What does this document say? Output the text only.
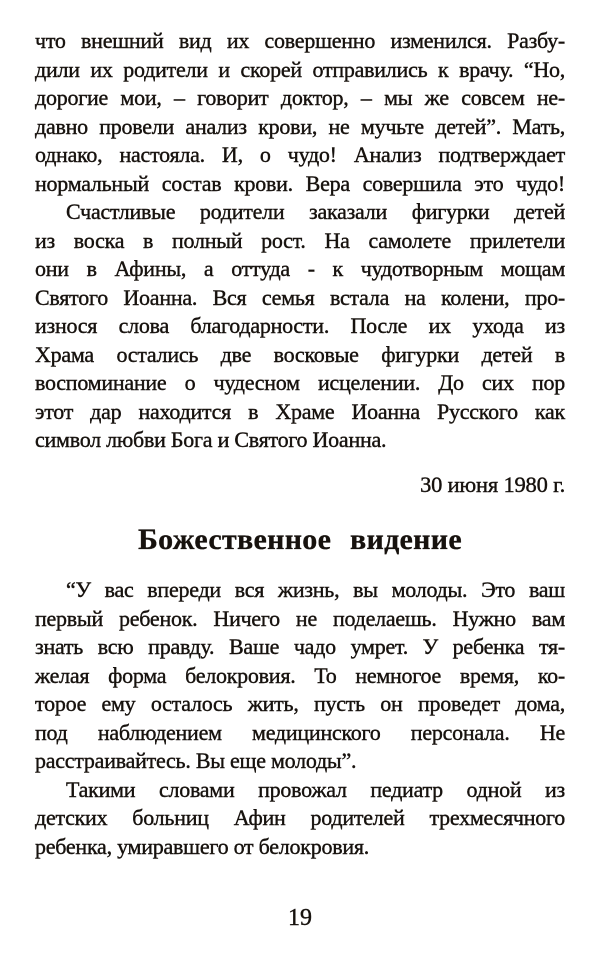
что внешний вид их совершенно изменился. Разбу-
дили их родители и скорей отправились к врачу. “Но,
дорогие мои, – говорит доктор, – мы же совсем не-
давно провели анализ крови, не мучьте детей”. Мать,
однако, настояла. И, о чудо! Анализ подтверждает
нормальный состав крови. Вера совершила это чудо!
Счастливые родители заказали фигурки детей
из воска в полный рост. На самолете прилетели
они в Афины, а оттуда - к чудотворным мощам
Святого Иоанна. Вся семья встала на колени, про-
износя слова благодарности. После их ухода из
Храма остались две восковые фигурки детей в
воспоминание о чудесном исцелении. До сих пор
этот дар находится в Храме Иоанна Русского как
символ любви Бога и Святого Иоанна.
30 июня 1980 г.
Божественное видение
“У вас впереди вся жизнь, вы молоды. Это ваш
первый ребенок. Ничего не поделаешь. Нужно вам
знать всю правду. Ваше чадо умрет. У ребенка тя-
желая форма белокровия. То немногое время, ко-
торое ему осталось жить, пусть он проведет дома,
под наблюдением медицинского персонала. Не
расстраивайтесь. Вы еще молоды”.
Такими словами провожал педиатр одной из
детских больниц Афин родителей трехмесячного
ребенка, умиравшего от белокровия.
19
